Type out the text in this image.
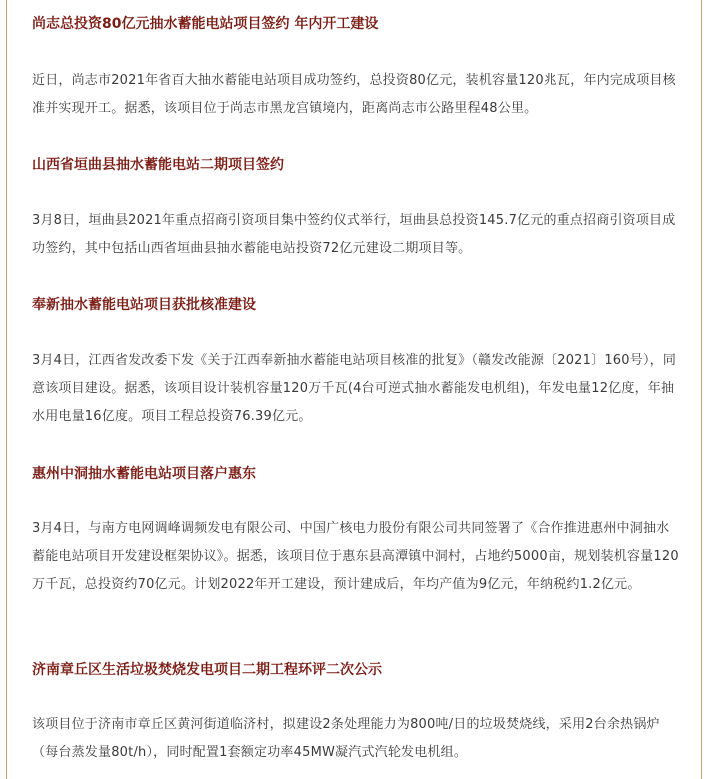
尚志总投资80亿元抽水蓄能电站项目签约 年内开工建设
近日，尚志市2021年省百大抽水蓄能电站项目成功签约，总投资80亿元，装机容量120兆瓦，年内完成项目核准并实现开工。据悉，该项目位于尚志市黑龙宫镇境内，距离尚志市公路里程48公里。
山西省垣曲县抽水蓄能电站二期项目签约
3月8日，垣曲县2021年重点招商引资项目集中签约仪式举行，垣曲县总投资145.7亿元的重点招商引资项目成功签约，其中包括山西省垣曲县抽水蓄能电站投资72亿元建设二期项目等。
奉新抽水蓄能电站项目获批核准建设
3月4日，江西省发改委下发《关于江西奉新抽水蓄能电站项目核准的批复》（赣发改能源〔2021〕160号），同意该项目建设。据悉，该项目设计装机容量120万千瓦(4台可逆式抽水蓄能发电机组)，年发电量12亿度，年抽水用电量16亿度。项目工程总投资76.39亿元。
惠州中洞抽水蓄能电站项目落户惠东
3月4日，与南方电网调峰调频发电有限公司、中国广核电力股份有限公司共同签署了《合作推进惠州中洞抽水蓄能电站项目开发建设框架协议》。据悉，该项目位于惠东县高潭镇中洞村，占地约5000亩，规划装机容量120万千瓦，总投资约70亿元。计划2022年开工建设，预计建成后，年均产值为9亿元，年纳税约1.2亿元。
济南章丘区生活垃圾焚烧发电项目二期工程环评二次公示
该项目位于济南市章丘区黄河街道临济村，拟建设2条处理能力为800吨/日的垃圾焚烧线，采用2台余热锅炉（每台蒸发量80t/h），同时配置1套额定功率45MW凝汽式汽轮发电机组。
